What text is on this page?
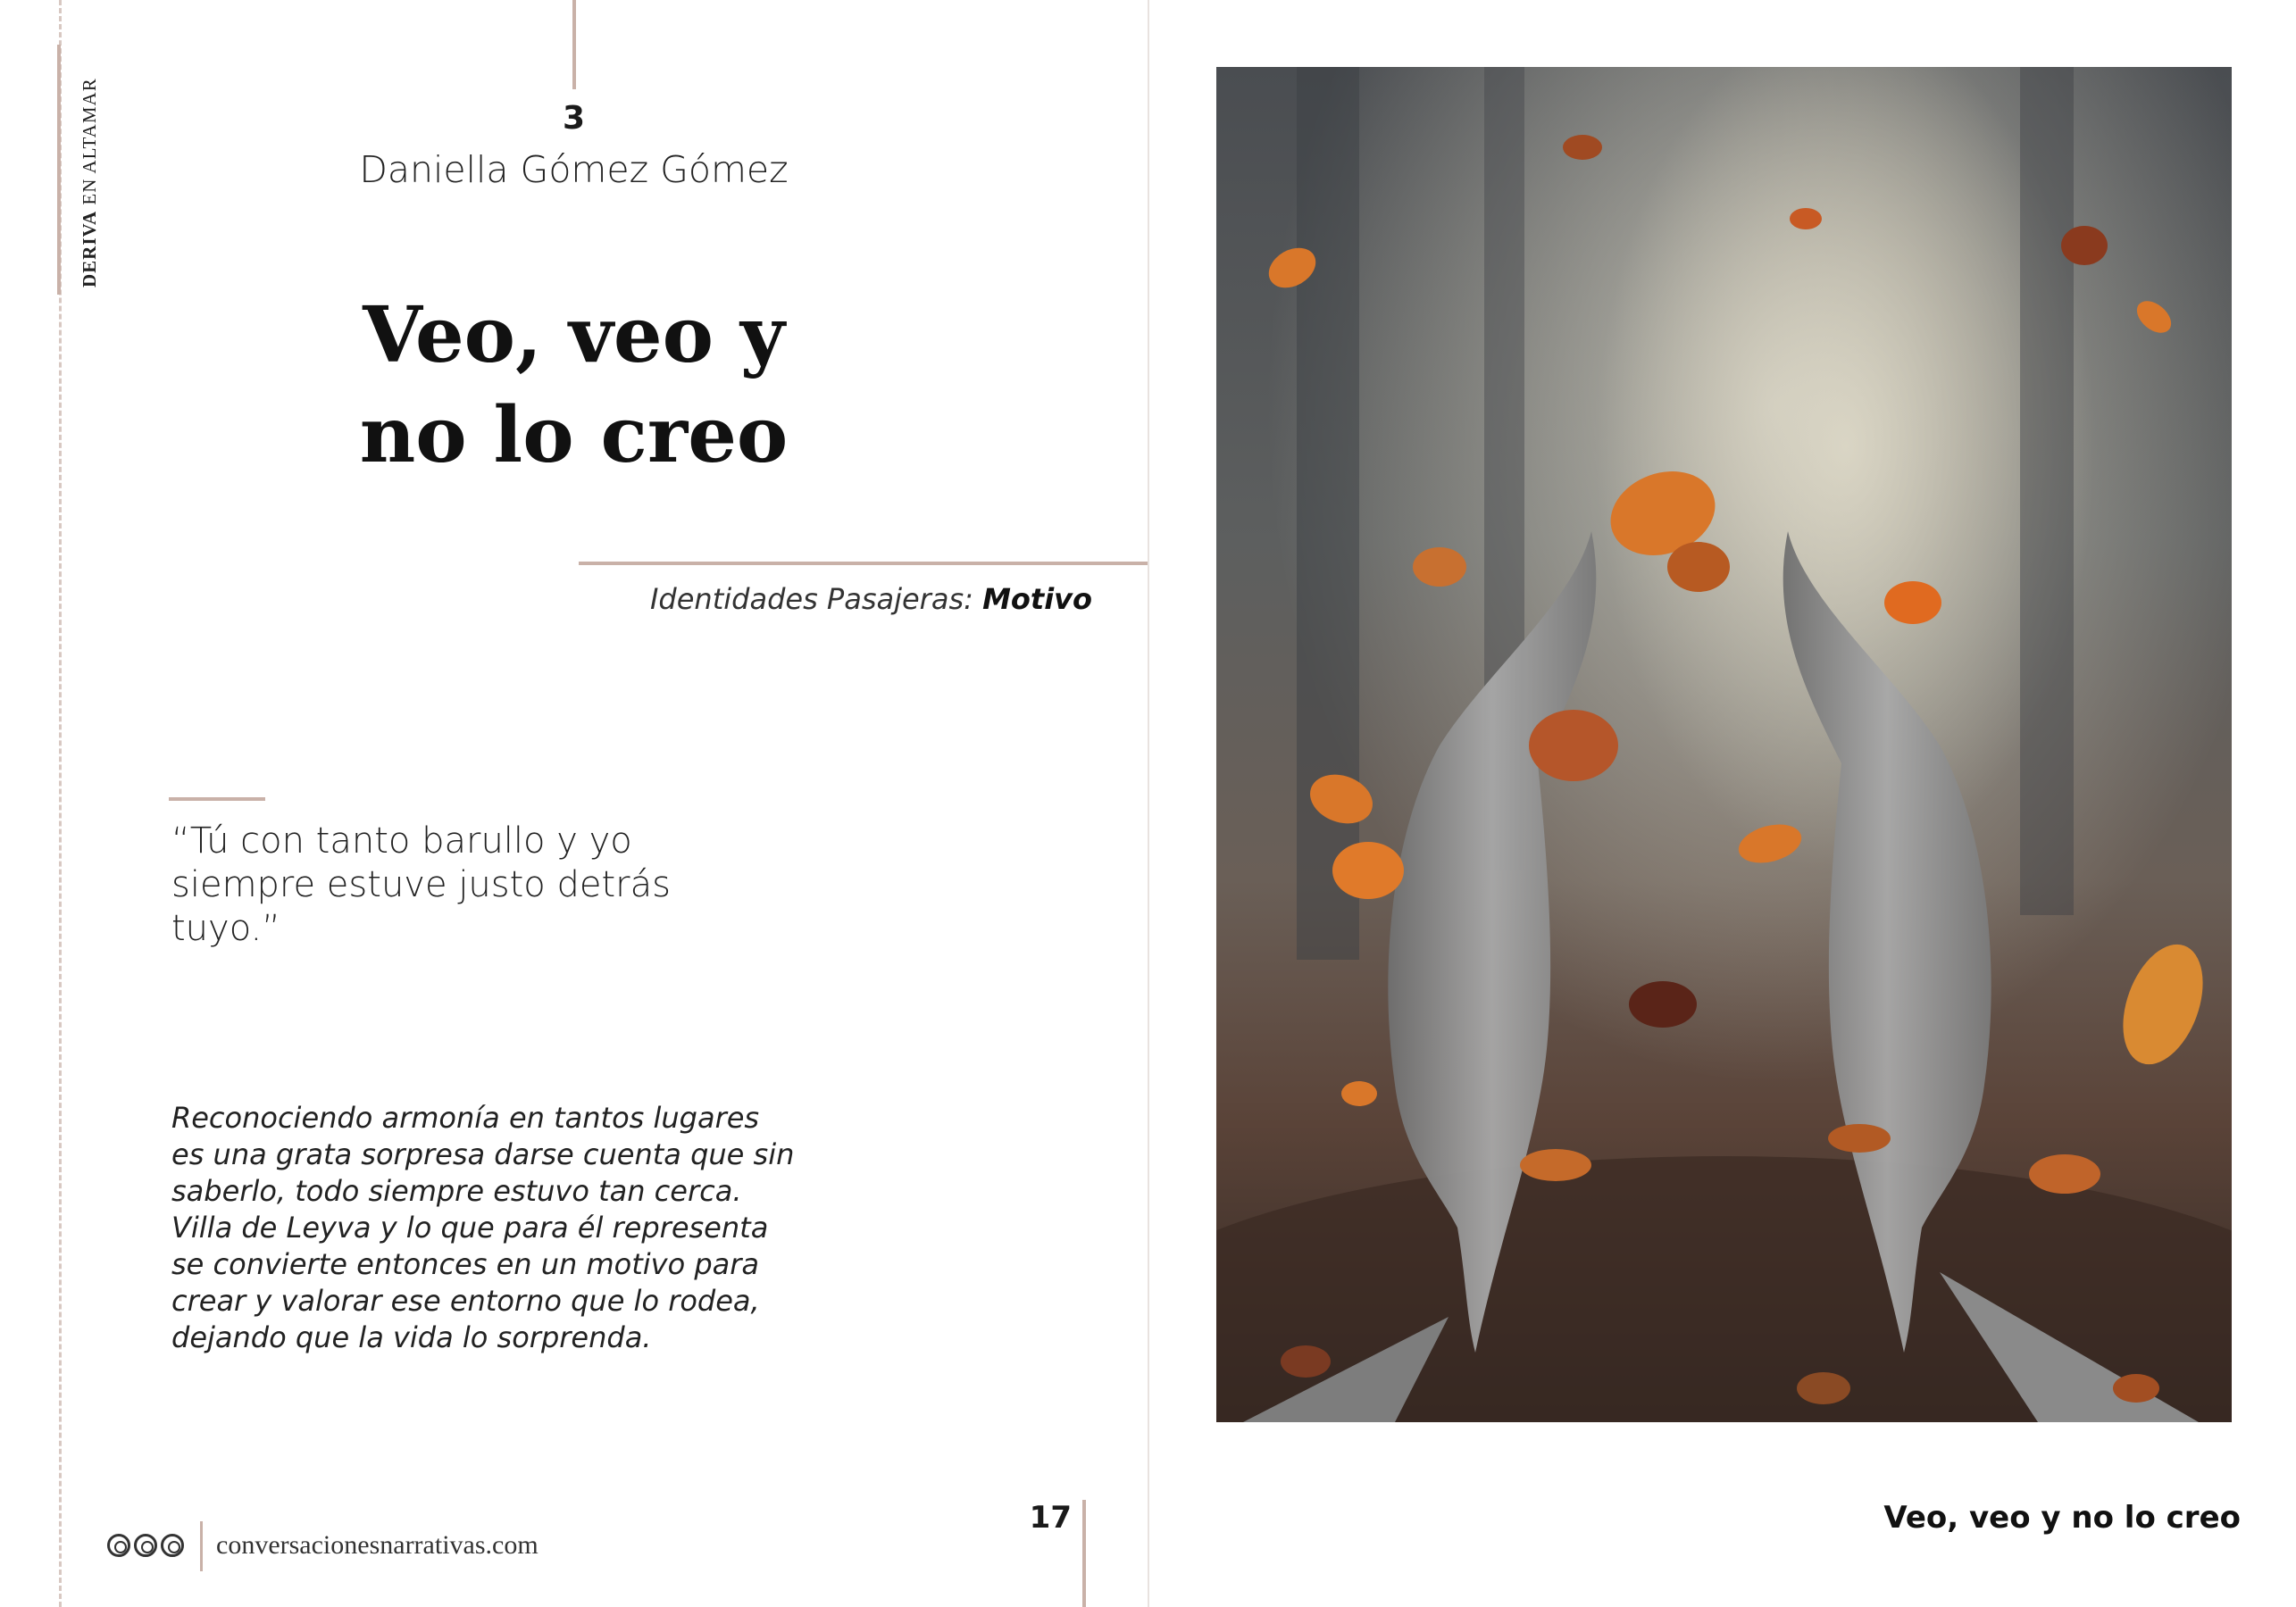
DERIVA EN ALTAMAR	3
Daniella Gómez Gómez
Veo, veo y
no lo creo
Identidades Pasajeras: Motivo
“Tú con tanto barullo y yo
siempre estuve justo detrás
tuyo.”
Reconociendo armonía en tantos lugares
es una grata sorpresa darse cuenta que sin
saberlo, todo siempre estuvo tan cerca.
Villa de Leyva y lo que para él representa
se convierte entonces en un motivo para
crear y valorar ese entorno que lo rodea,
dejando que la vida lo sorprenda.
conversacionesnarrativas.com
17	Veo, veo y no lo creo
